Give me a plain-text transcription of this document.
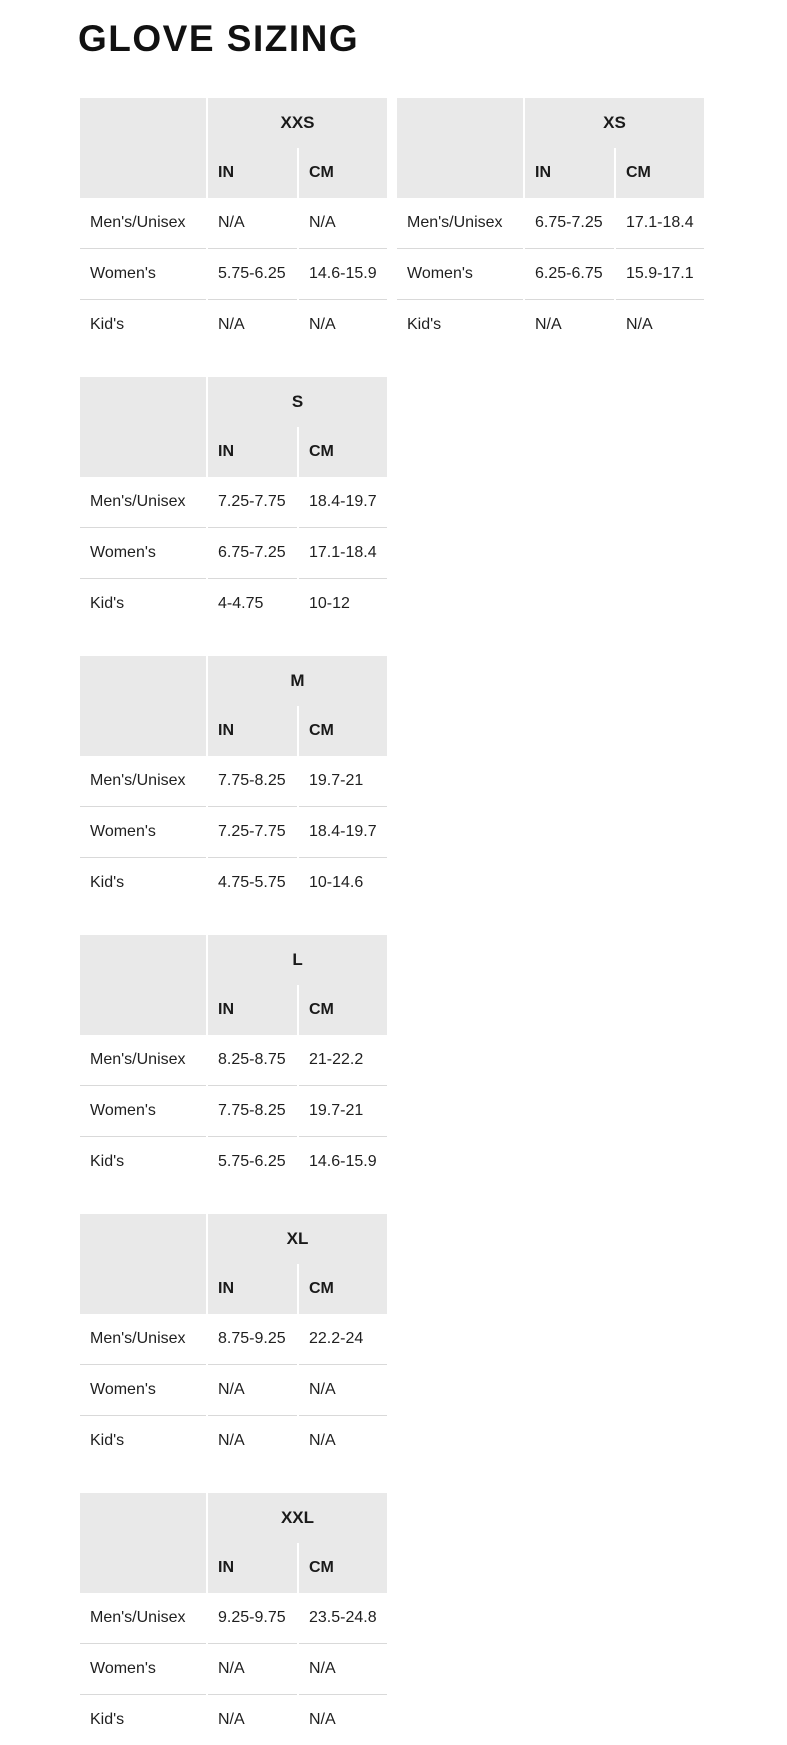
GLOVE SIZING
	XXS	
	IN	CM
Men's/Unisex	N/A	N/A
Women's	5.75-6.25	14.6-15.9
Kid's	N/A	N/A
	XS	
	IN	CM
Men's/Unisex	6.75-7.25	17.1-18.4
Women's	6.25-6.75	15.9-17.1
Kid's	N/A	N/A
	S	
	IN	CM
Men's/Unisex	7.25-7.75	18.4-19.7
Women's	6.75-7.25	17.1-18.4
Kid's	4-4.75	10-12
	M	
	IN	CM
Men's/Unisex	7.75-8.25	19.7-21
Women's	7.25-7.75	18.4-19.7
Kid's	4.75-5.75	10-14.6
	L	
	IN	CM
Men's/Unisex	8.25-8.75	21-22.2
Women's	7.75-8.25	19.7-21
Kid's	5.75-6.25	14.6-15.9
	XL	
	IN	CM
Men's/Unisex	8.75-9.25	22.2-24
Women's	N/A	N/A
Kid's	N/A	N/A
	XXL	
	IN	CM
Men's/Unisex	9.25-9.75	23.5-24.8
Women's	N/A	N/A
Kid's	N/A	N/A
